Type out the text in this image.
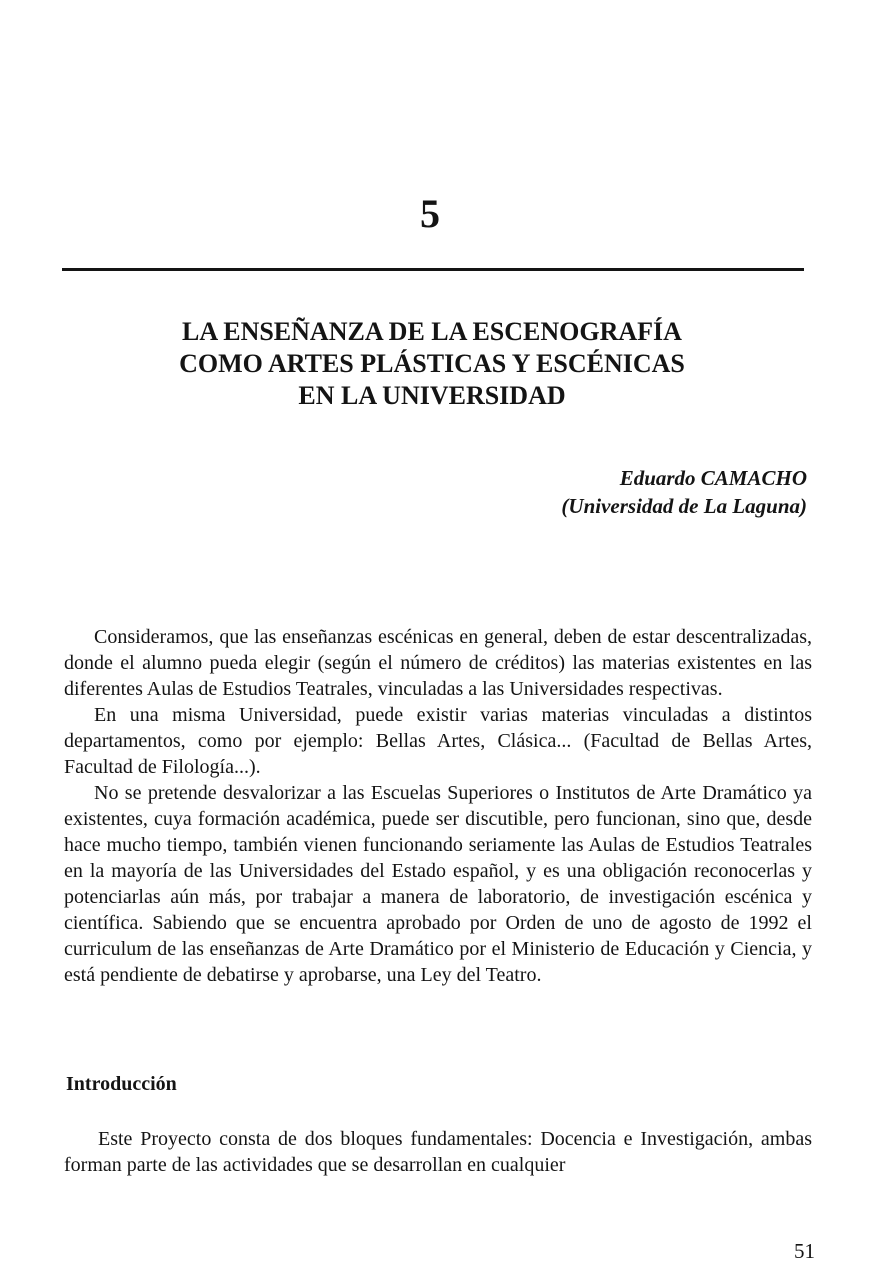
5
LA ENSEÑANZA DE LA ESCENOGRAFÍA
COMO ARTES PLÁSTICAS Y ESCÉNICAS
EN LA UNIVERSIDAD
Eduardo CAMACHO
(Universidad de La Laguna)

Consideramos, que las enseñanzas escénicas en general, deben de estar descentralizadas, donde el alumno pueda elegir (según el número de créditos) las materias existentes en las diferentes Aulas de Estudios Teatrales, vinculadas a las Universidades respectivas.

En una misma Universidad, puede existir varias materias vinculadas a distintos departamentos, como por ejemplo: Bellas Artes, Clásica... (Facultad de Bellas Artes, Facultad de Filología...).

No se pretende desvalorizar a las Escuelas Superiores o Institutos de Arte Dramático ya existentes, cuya formación académica, puede ser discutible, pero funcionan, sino que, desde hace mucho tiempo, también vienen funcionando seriamente las Aulas de Estudios Teatrales en la mayoría de las Universidades del Estado español, y es una obligación reconocerlas y potenciarlas aún más, por trabajar a manera de laboratorio, de investigación escénica y científica. Sabiendo que se encuentra aprobado por Orden de uno de agosto de 1992 el curriculum de las enseñanzas de Arte Dramático por el Ministerio de Educación y Ciencia, y está pendiente de debatirse y aprobarse, una Ley del Teatro.

Introducción

Este Proyecto consta de dos bloques fundamentales: Docencia e Investigación, ambas forman parte de las actividades que se desarrollan en cualquier

51
